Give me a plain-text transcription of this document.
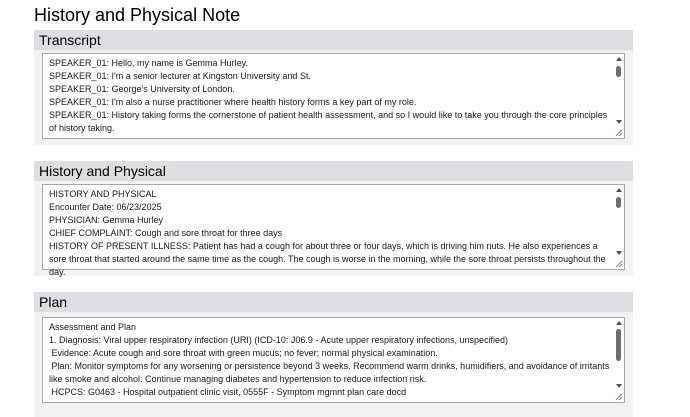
History and Physical Note
Transcript
SPEAKER_01: Hello, my name is Gemma Hurley.
SPEAKER_01: I'm a senior lecturer at Kingston University and St.
SPEAKER_01: George's University of London.
SPEAKER_01: I'm also a nurse practitioner where health history forms a key part of my role.
SPEAKER_01: History taking forms the cornerstone of patient health assessment, and so I would like to take you through the core principles of history taking.
History and Physical
HISTORY AND PHYSICAL
Encounter Date: 06/23/2025
PHYSICIAN: Gemma Hurley
CHIEF COMPLAINT: Cough and sore throat for three days
HISTORY OF PRESENT ILLNESS: Patient has had a cough for about three or four days, which is driving him nuts. He also experiences a sore throat that started around the same time as the cough. The cough is worse in the morning, while the sore throat persists throughout the day.
Plan
Assessment and Plan
1. Diagnosis: Viral upper respiratory infection (URI) (ICD-10: J06.9 - Acute upper respiratory infections, unspecified)
Evidence: Acute cough and sore throat with green mucus; no fever; normal physical examination.
Plan: Monitor symptoms for any worsening or persistence beyond 3 weeks. Recommend warm drinks, humidifiers, and avoidance of irritants like smoke and alcohol. Continue managing diabetes and hypertension to reduce infection risk.
HCPCS: G0463 - Hospital outpatient clinic visit, 0555F - Symptom mgmnt plan care docd
